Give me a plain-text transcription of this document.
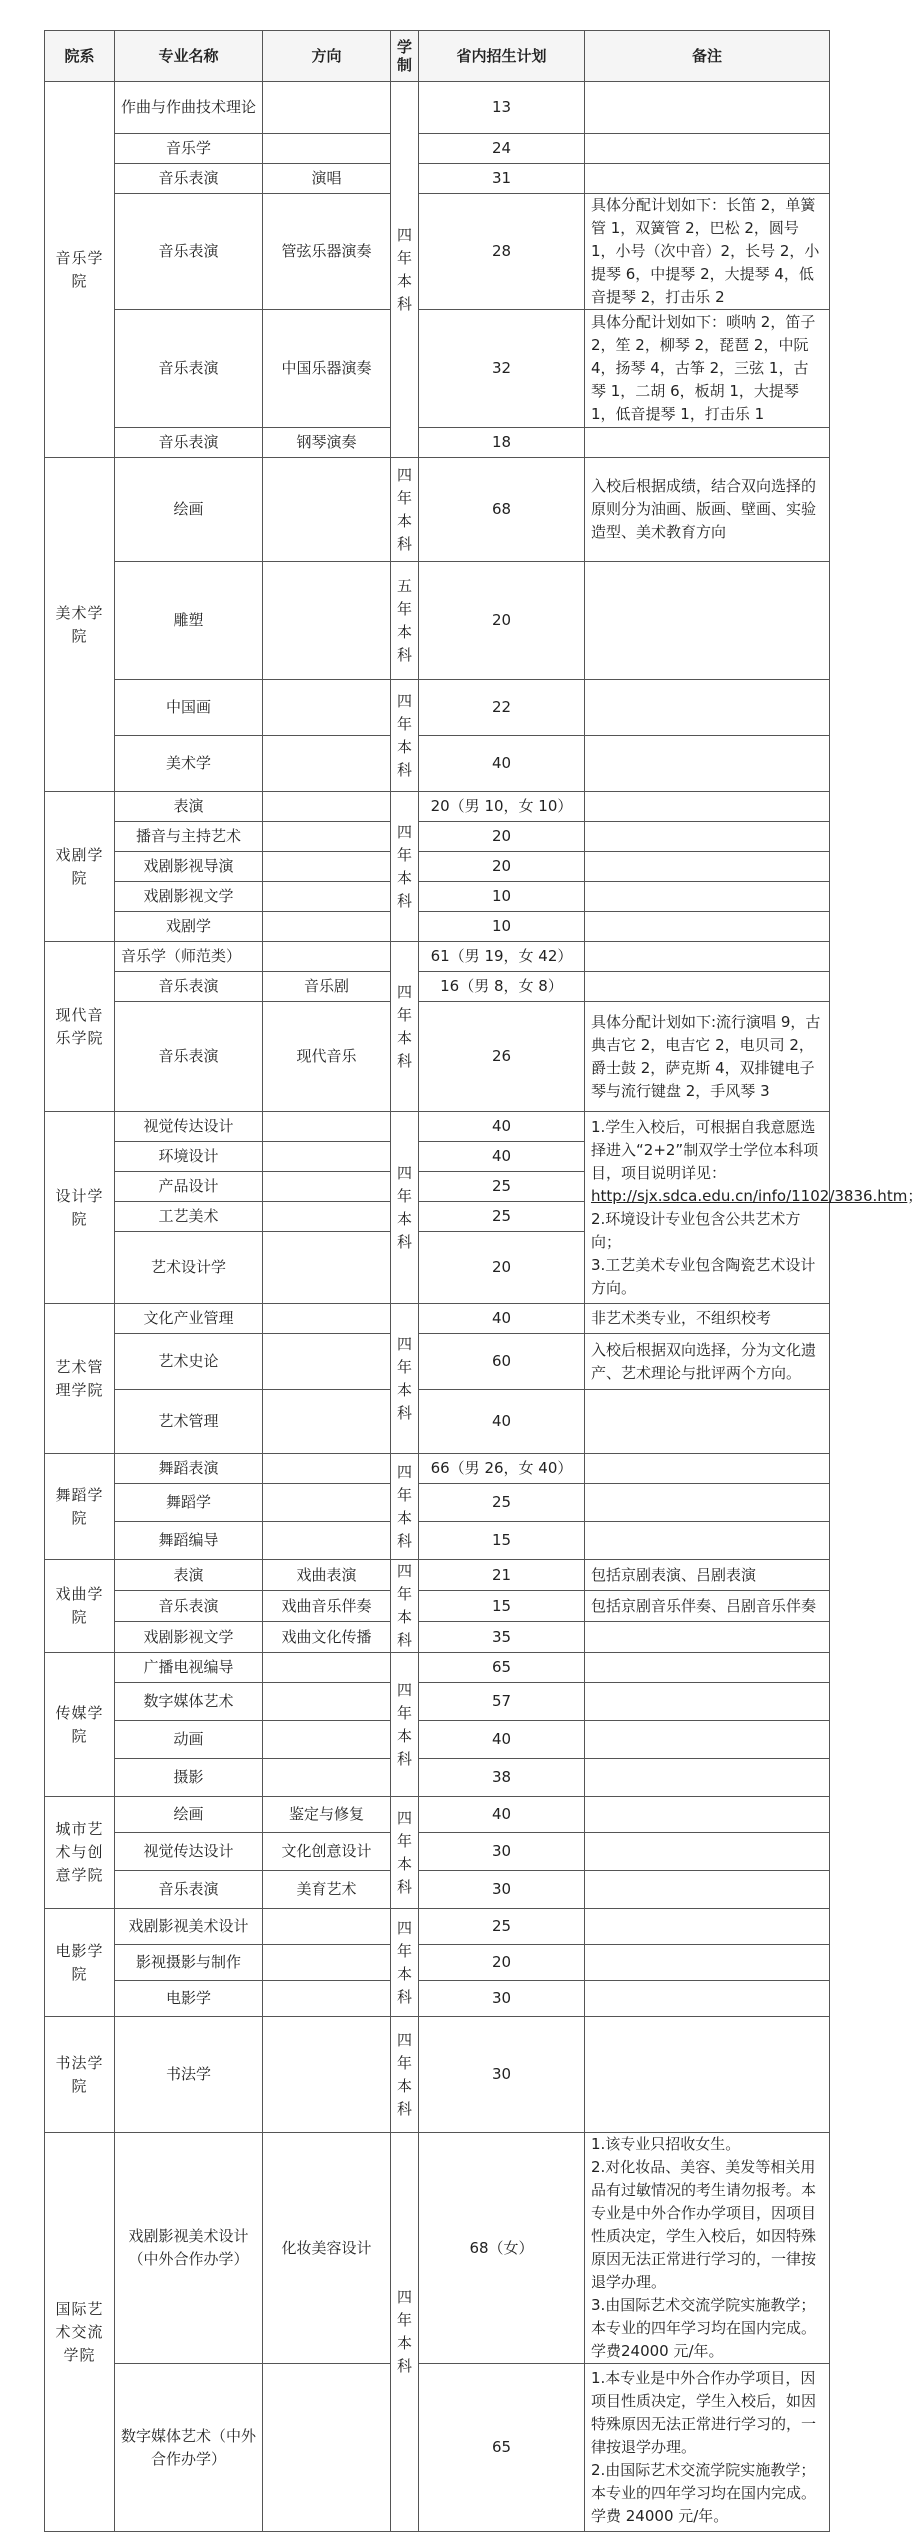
院系	专业名称	方向	学制	省内招生计划	备注
音乐学院	作曲与作曲技术理论		四年本科	13	
	音乐学			24	
	音乐表演	演唱		31	
	音乐表演	管弦乐器演奏		28	具体分配计划如下：长笛 2，单簧管 1，双簧管 2，巴松 2，圆号 1，小号（次中音）2，长号 2，小提琴 6，中提琴 2，大提琴 4，低音提琴 2，打击乐 2
	音乐表演	中国乐器演奏		32	具体分配计划如下：唢呐 2，笛子 2，笙 2，柳琴 2，琵琶 2，中阮 4，扬琴 4，古筝 2，三弦 1，古琴 1，二胡 6，板胡 1，大提琴 1，低音提琴 1，打击乐 1
	音乐表演	钢琴演奏		18	
美术学院	绘画		四年本科	68	入校后根据成绩，结合双向选择的原则分为油画、版画、壁画、实验造型、美术教育方向
	雕塑		五年本科	20	
	中国画		四年本科	22	
	美术学			40	
戏剧学院	表演		四年本科	20（男 10，女 10）	
	播音与主持艺术			20	
	戏剧影视导演			20	
	戏剧影视文学			10	
	戏剧学			10	
现代音乐学院	音乐学（师范类）		四年本科	61（男 19，女 42）	
	音乐表演	音乐剧		16（男 8，女 8）	
	音乐表演	现代音乐		26	具体分配计划如下:流行演唱 9，古典吉它 2，电吉它 2，电贝司 2，爵士鼓 2，萨克斯 4，双排键电子琴与流行键盘 2，手风琴 3
设计学院	视觉传达设计		四年本科	40	1.学生入校后，可根据自我意愿选择进入“2+2”制双学士学位本科项目，项目说明详见：http://sjx.sdca.edu.cn/info/1102/3836.htm；
2.环境设计专业包含公共艺术方向；
3.工艺美术专业包含陶瓷艺术设计方向。
	环境设计			40	
	产品设计			25	
	工艺美术			25	
	艺术设计学			20	
艺术管理学院	文化产业管理		四年本科	40	非艺术类专业，不组织校考
	艺术史论			60	入校后根据双向选择，分为文化遗产、艺术理论与批评两个方向。
	艺术管理			40	
舞蹈学院	舞蹈表演		四年本科	66（男 26，女 40）	
	舞蹈学			25	
	舞蹈编导			15	
戏曲学院	表演	戏曲表演	四年本科	21	包括京剧表演、吕剧表演
	音乐表演	戏曲音乐伴奏		15	包括京剧音乐伴奏、吕剧音乐伴奏
	戏剧影视文学	戏曲文化传播		35	
传媒学院	广播电视编导		四年本科	65	
	数字媒体艺术			57	
	动画			40	
	摄影			38	
城市艺术与创意学院	绘画	鉴定与修复	四年本科	40	
	视觉传达设计	文化创意设计		30	
	音乐表演	美育艺术		30	
电影学院	戏剧影视美术设计		四年本科	25	
	影视摄影与制作			20	
	电影学			30	
书法学院	书法学		四年本科	30	
国际艺术交流学院	戏剧影视美术设计（中外合作办学）	化妆美容设计	四年本科	68（女）	1.该专业只招收女生。
2.对化妆品、美容、美发等相关用品有过敏情况的考生请勿报考。本专业是中外合作办学项目，因项目性质决定，学生入校后，如因特殊原因无法正常进行学习的，一律按退学办理。
3.由国际艺术交流学院实施教学；本专业的四年学习均在国内完成。学费24000 元/年。
	数字媒体艺术（中外合作办学）			65	1.本专业是中外合作办学项目，因项目性质决定，学生入校后，如因特殊原因无法正常进行学习的，一律按退学办理。
2.由国际艺术交流学院实施教学；本专业的四年学习均在国内完成。学费 24000 元/年。
